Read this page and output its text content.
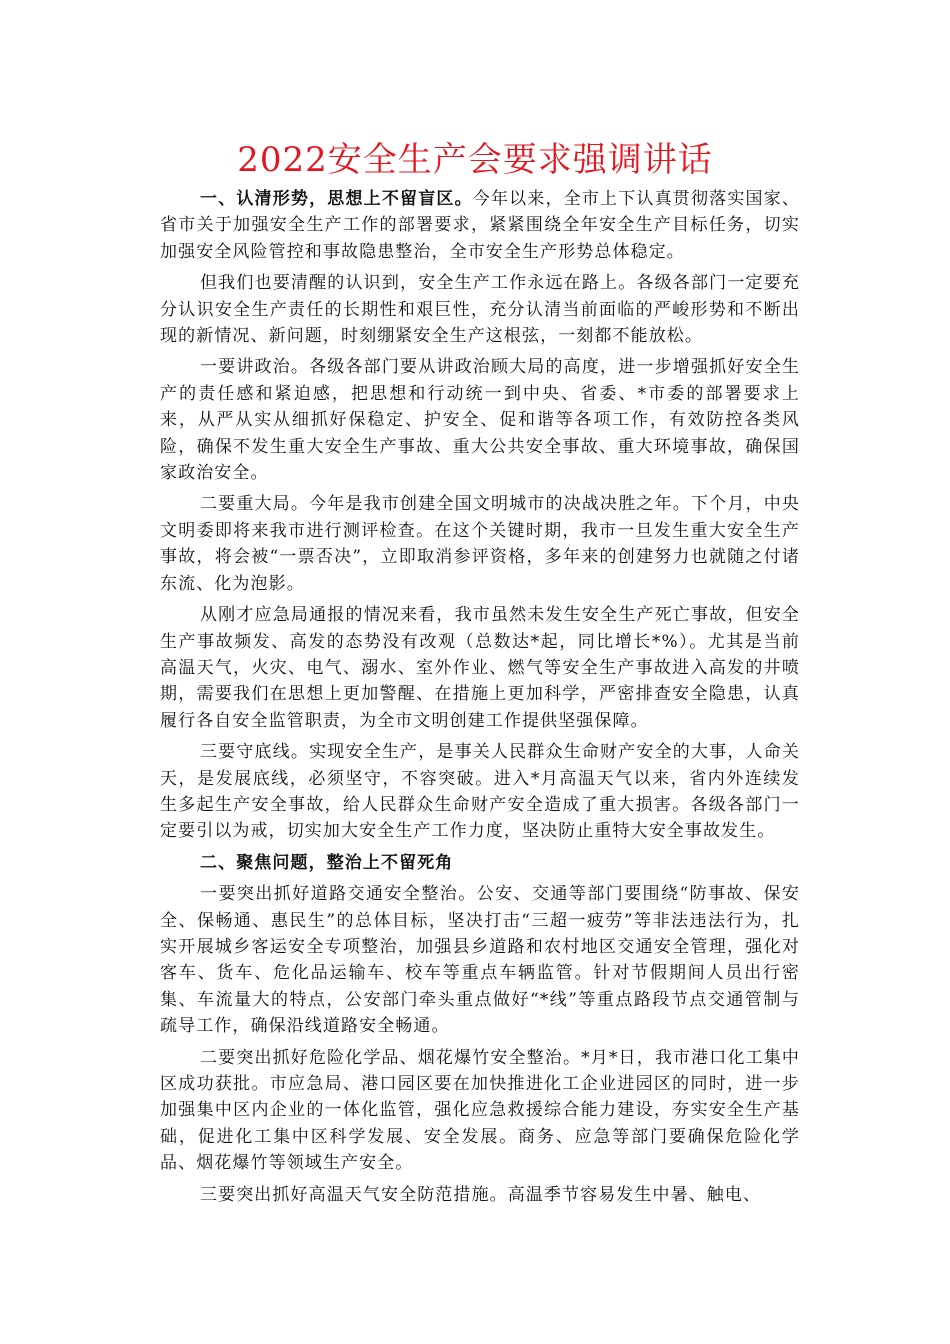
2022安全生产会要求强调讲话

一、认清形势，思想上不留盲区。今年以来，全市上下认真贯彻落实国家、省市关于加强安全生产工作的部署要求，紧紧围绕全年安全生产目标任务，切实加强安全风险管控和事故隐患整治，全市安全生产形势总体稳定。

但我们也要清醒的认识到，安全生产工作永远在路上。各级各部门一定要充分认识安全生产责任的长期性和艰巨性，充分认清当前面临的严峻形势和不断出现的新情况、新问题，时刻绷紧安全生产这根弦，一刻都不能放松。

一要讲政治。各级各部门要从讲政治顾大局的高度，进一步增强抓好安全生产的责任感和紧迫感，把思想和行动统一到中央、省委、*市委的部署要求上来，从严从实从细抓好保稳定、护安全、促和谐等各项工作，有效防控各类风险，确保不发生重大安全生产事故、重大公共安全事故、重大环境事故，确保国家政治安全。

二要重大局。今年是我市创建全国文明城市的决战决胜之年。下个月，中央文明委即将来我市进行测评检查。在这个关键时期，我市一旦发生重大安全生产事故，将会被“一票否决”，立即取消参评资格，多年来的创建努力也就随之付诸东流、化为泡影。

从刚才应急局通报的情况来看，我市虽然未发生安全生产死亡事故，但安全生产事故频发、高发的态势没有改观（总数达*起，同比增长*%）。尤其是当前高温天气，火灾、电气、溺水、室外作业、燃气等安全生产事故进入高发的井喷期，需要我们在思想上更加警醒、在措施上更加科学，严密排查安全隐患，认真履行各自安全监管职责，为全市文明创建工作提供坚强保障。

三要守底线。实现安全生产，是事关人民群众生命财产安全的大事，人命关天，是发展底线，必须坚守，不容突破。进入*月高温天气以来，省内外连续发生多起生产安全事故，给人民群众生命财产安全造成了重大损害。各级各部门一定要引以为戒，切实加大安全生产工作力度，坚决防止重特大安全事故发生。

二、聚焦问题，整治上不留死角

一要突出抓好道路交通安全整治。公安、交通等部门要围绕“防事故、保安全、保畅通、惠民生”的总体目标，坚决打击“三超一疲劳”等非法违法行为，扎实开展城乡客运安全专项整治，加强县乡道路和农村地区交通安全管理，强化对客车、货车、危化品运输车、校车等重点车辆监管。针对节假期间人员出行密集、车流量大的特点，公安部门牵头重点做好“*线”等重点路段节点交通管制与疏导工作，确保沿线道路安全畅通。

二要突出抓好危险化学品、烟花爆竹安全整治。*月*日，我市港口化工集中区成功获批。市应急局、港口园区要在加快推进化工企业进园区的同时，进一步加强集中区内企业的一体化监管，强化应急救援综合能力建设，夯实安全生产基础，促进化工集中区科学发展、安全发展。商务、应急等部门要确保危险化学品、烟花爆竹等领域生产安全。

三要突出抓好高温天气安全防范措施。高温季节容易发生中暑、触电、
